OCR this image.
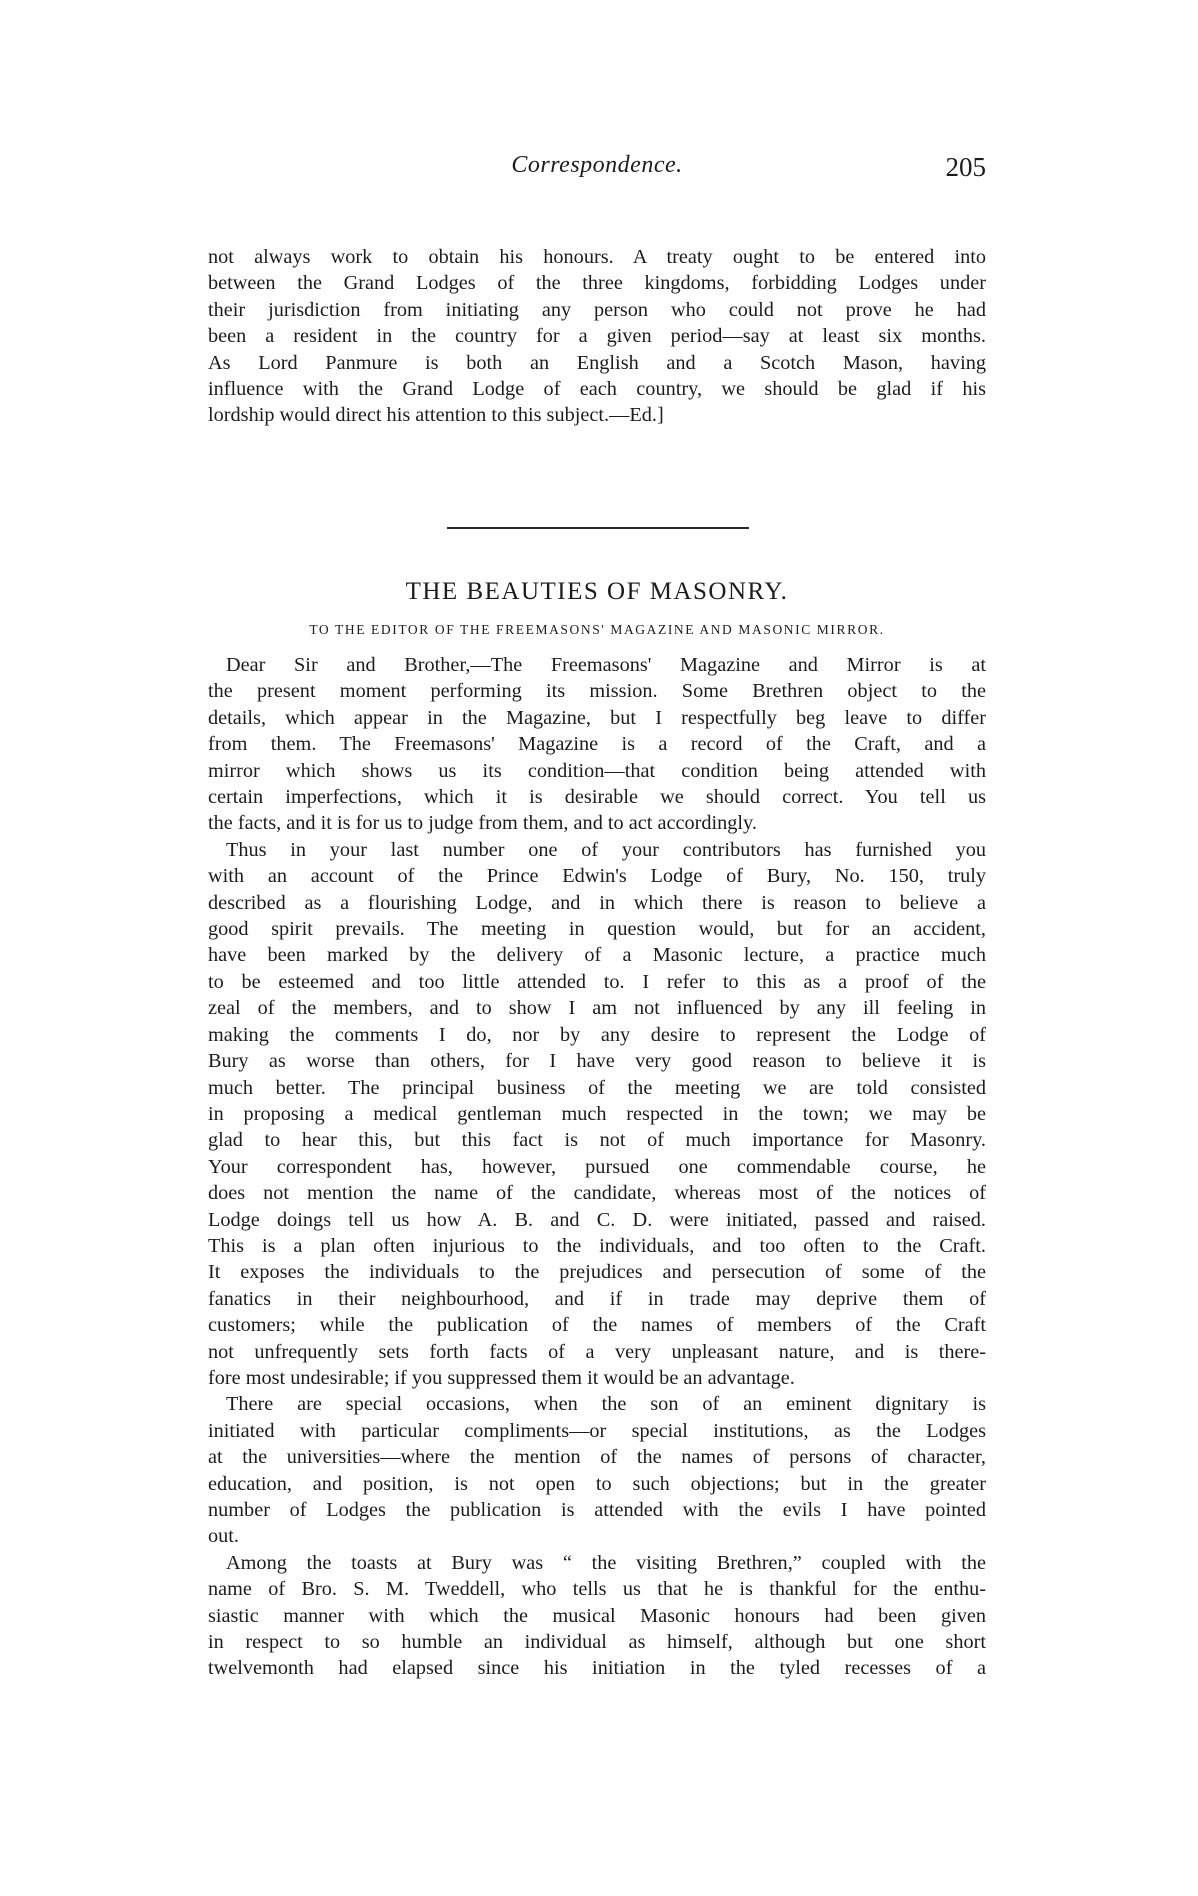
Correspondence.	205

not always work to obtain his honours. A treaty ought to be entered into
between the Grand Lodges of the three kingdoms, forbidding Lodges under
their jurisdiction from initiating any person who could not prove he had
been a resident in the country for a given period—say at least six months.
As Lord Panmure is both an English and a Scotch Mason, having
influence with the Grand Lodge of each country, we should be glad if his
lordship would direct his attention to this subject.—Ed.]

THE BEAUTIES OF MASONRY.
TO THE EDITOR OF THE FREEMASONS' MAGAZINE AND MASONIC MIRROR.

Dear Sir and Brother,—The Freemasons' Magazine and Mirror is at
the present moment performing its mission. Some Brethren object to the
details, which appear in the Magazine, but I respectfully beg leave to differ
from them. The Freemasons' Magazine is a record of the Craft, and a
mirror which shows us its condition—that condition being attended with
certain imperfections, which it is desirable we should correct. You tell us
the facts, and it is for us to judge from them, and to act accordingly.

Thus in your last number one of your contributors has furnished you
with an account of the Prince Edwin's Lodge of Bury, No. 150, truly
described as a flourishing Lodge, and in which there is reason to believe a
good spirit prevails. The meeting in question would, but for an accident,
have been marked by the delivery of a Masonic lecture, a practice much
to be esteemed and too little attended to. I refer to this as a proof of the
zeal of the members, and to show I am not influenced by any ill feeling in
making the comments I do, nor by any desire to represent the Lodge of
Bury as worse than others, for I have very good reason to believe it is
much better. The principal business of the meeting we are told consisted
in proposing a medical gentleman much respected in the town; we may be
glad to hear this, but this fact is not of much importance for Masonry.
Your correspondent has, however, pursued one commendable course, he
does not mention the name of the candidate, whereas most of the notices of
Lodge doings tell us how A. B. and C. D. were initiated, passed and raised.
This is a plan often injurious to the individuals, and too often to the Craft.
It exposes the individuals to the prejudices and persecution of some of the
fanatics in their neighbourhood, and if in trade may deprive them of
customers; while the publication of the names of members of the Craft
not unfrequently sets forth facts of a very unpleasant nature, and is there-
fore most undesirable; if you suppressed them it would be an advantage.

There are special occasions, when the son of an eminent dignitary is
initiated with particular compliments—or special institutions, as the Lodges
at the universities—where the mention of the names of persons of character,
education, and position, is not open to such objections; but in the greater
number of Lodges the publication is attended with the evils I have pointed
out.

Among the toasts at Bury was “ the visiting Brethren,” coupled with the
name of Bro. S. M. Tweddell, who tells us that he is thankful for the enthu-
siastic manner with which the musical Masonic honours had been given
in respect to so humble an individual as himself, although but one short
twelvemonth had elapsed since his initiation in the tyled recesses of a
